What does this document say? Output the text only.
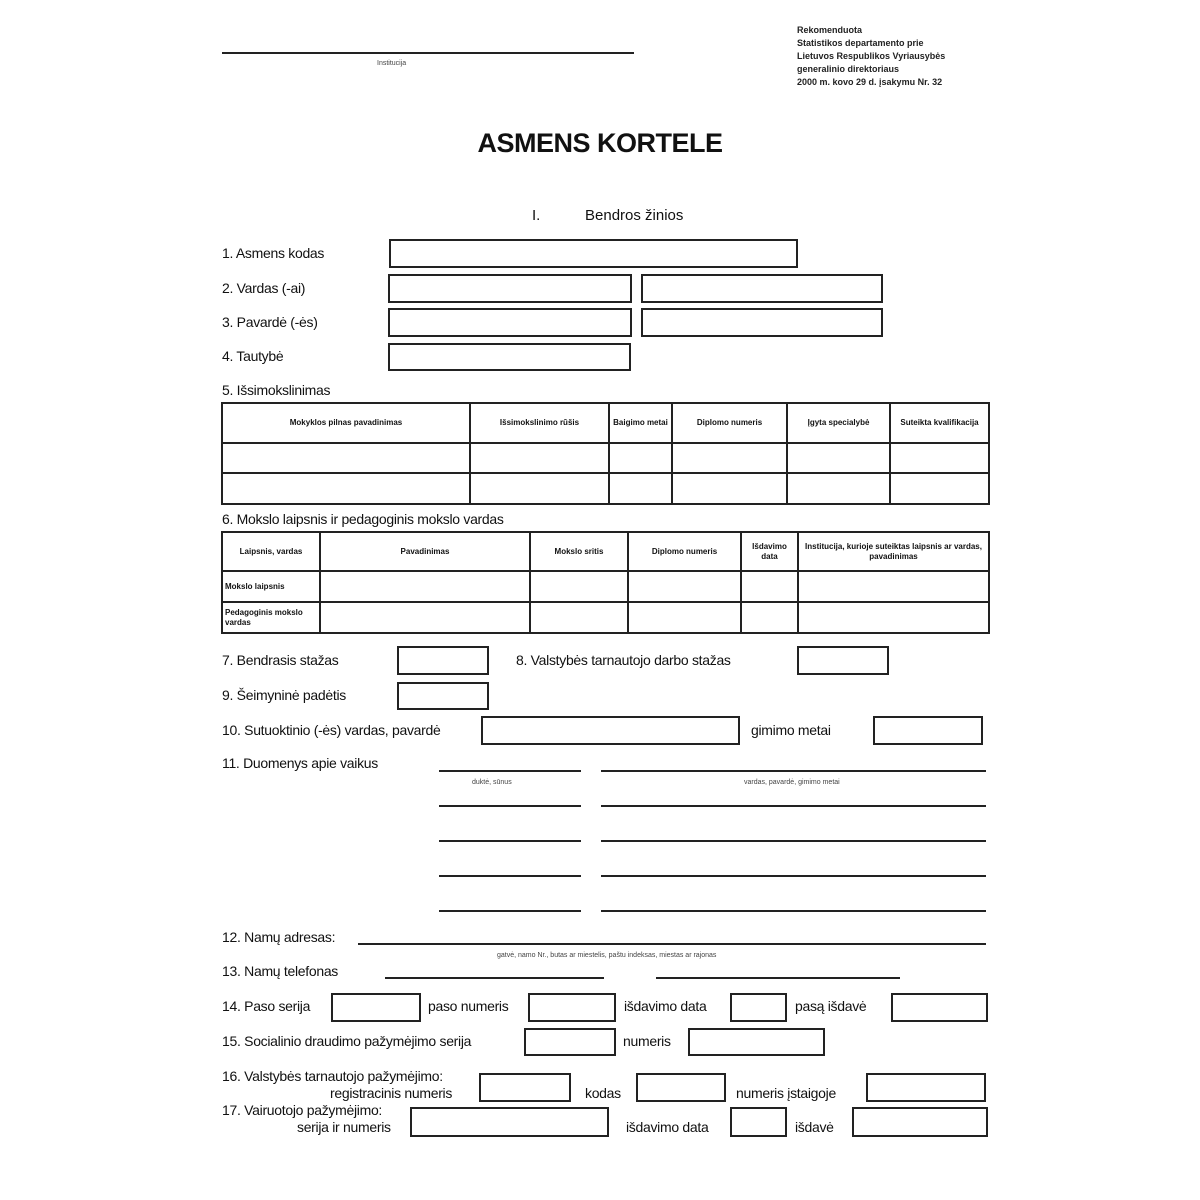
Institucija
Rekomenduota
Statistikos departamento prie
Lietuvos Respublikos Vyriausybės
generalinio direktoriaus
2000 m. kovo 29 d. įsakymu Nr. 32
ASMENS KORTELE
I.	Bendros žinios
1. Asmens kodas
2. Vardas (-ai)
3. Pavardė (-ės)
4. Tautybė
5. Išsimokslinimas
Mokyklos pilnas pavadinimas	Išsimokslinimo rūšis	Baigimo metai	Diplomo numeris	Įgyta specialybė	Suteikta kvalifikacija

6. Mokslo laipsnis ir pedagoginis mokslo vardas
Laipsnis, vardas	Pavadinimas	Mokslo sritis	Diplomo numeris	Išdavimo data	Institucija, kurioje suteiktas laipsnis ar vardas, pavadinimas
Mokslo laipsnis					
Pedagoginis mokslo vardas					
7. Bendrasis stažas	8. Valstybės tarnautojo darbo stažas
9. Šeimyninė padėtis
10. Sutuoktinio (-ės) vardas, pavardė	gimimo metai
11. Duomenys apie vaikus
duktė, sūnus	vardas, pavardė, gimimo metai
12. Namų adresas:
gatvė, namo Nr., butas ar miestelis, paštu indeksas, miestas ar rajonas
13. Namų telefonas
14. Paso serija	paso numeris	išdavimo data	pasą išdavė
15. Socialinio draudimo pažymėjimo serija	numeris
16. Valstybės tarnautojo pažymėjimo:
registracinis numeris	kodas	numeris įstaigoje
17. Vairuotojo pažymėjimo:
serija ir numeris	išdavimo data	išdavė
